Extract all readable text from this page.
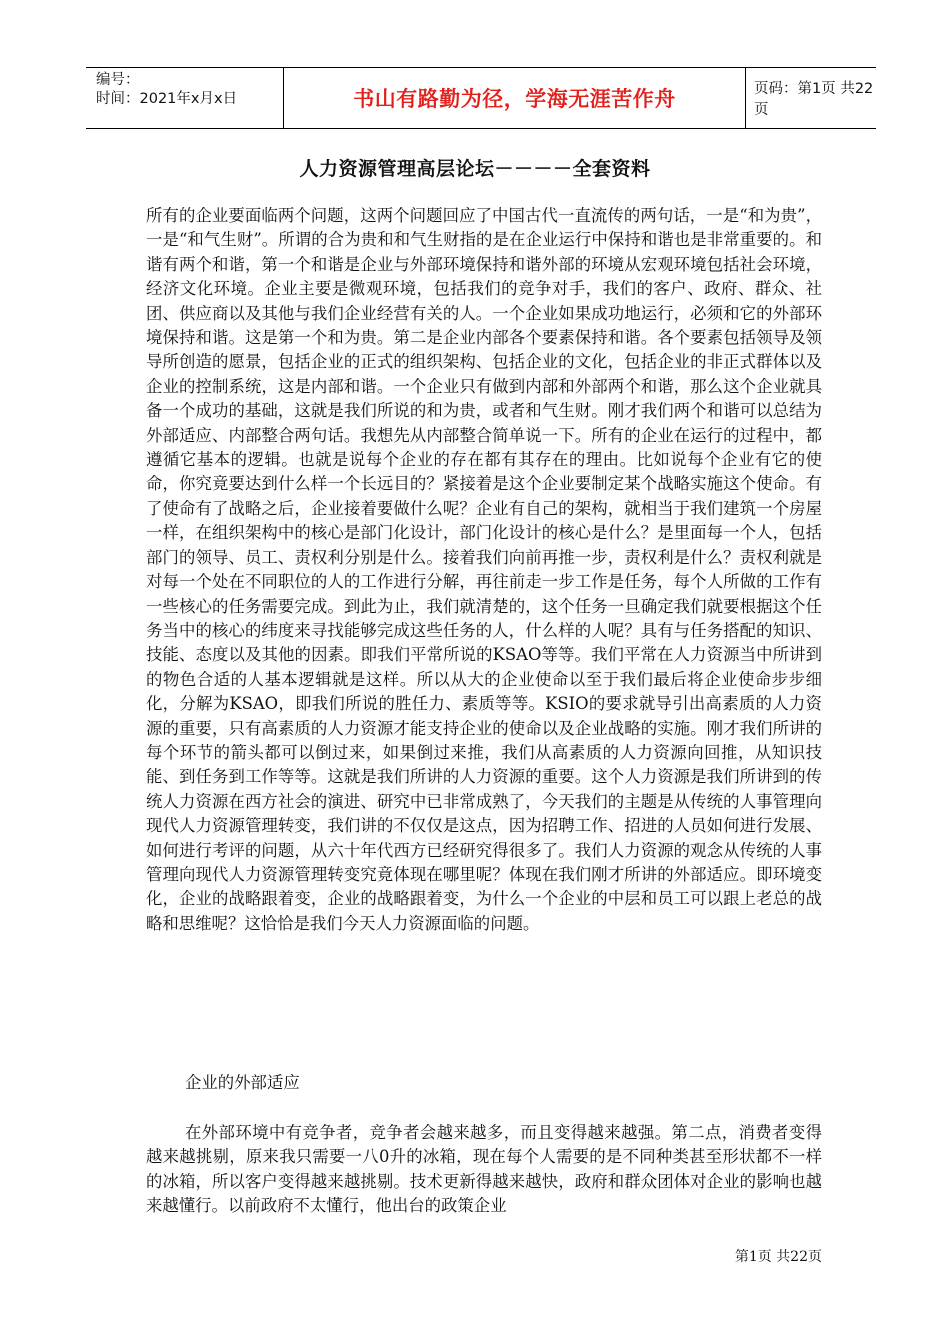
编号：
时间：2021年x月x日	书山有路勤为径，学海无涯苦作舟	页码：第1页 共22页
人力资源管理高层论坛－－－－全套资料

所有的企业要面临两个问题，这两个问题回应了中国古代一直流传的两句话，一是“和为贵”，一是“和气生财”。所谓的合为贵和和气生财指的是在企业运行中保持和谐也是非常重要的。和谐有两个和谐，第一个和谐是企业与外部环境保持和谐外部的环境从宏观环境包括社会环境，经济文化环境。企业主要是微观环境，包括我们的竞争对手，我们的客户、政府、群众、社团、供应商以及其他与我们企业经营有关的人。一个企业如果成功地运行，必须和它的外部环境保持和谐。这是第一个和为贵。第二是企业内部各个要素保持和谐。各个要素包括领导及领导所创造的愿景，包括企业的正式的组织架构、包括企业的文化，包括企业的非正式群体以及企业的控制系统，这是内部和谐。一个企业只有做到内部和外部两个和谐，那么这个企业就具备一个成功的基础，这就是我们所说的和为贵，或者和气生财。刚才我们两个和谐可以总结为外部适应、内部整合两句话。我想先从内部整合简单说一下。所有的企业在运行的过程中，都遵循它基本的逻辑。也就是说每个企业的存在都有其存在的理由。比如说每个企业有它的使命，你究竟要达到什么样一个长远目的？紧接着是这个企业要制定某个战略实施这个使命。有了使命有了战略之后，企业接着要做什么呢？企业有自己的架构，就相当于我们建筑一个房屋一样，在组织架构中的核心是部门化设计，部门化设计的核心是什么？是里面每一个人，包括部门的领导、员工、责权利分别是什么。接着我们向前再推一步，责权利是什么？责权利就是对每一个处在不同职位的人的工作进行分解，再往前走一步工作是任务，每个人所做的工作有一些核心的任务需要完成。到此为止，我们就清楚的，这个任务一旦确定我们就要根据这个任务当中的核心的纬度来寻找能够完成这些任务的人，什么样的人呢？具有与任务搭配的知识、技能、态度以及其他的因素。即我们平常所说的KSAO等等。我们平常在人力资源当中所讲到的物色合适的人基本逻辑就是这样。所以从大的企业使命以至于我们最后将企业使命步步细化，分解为KSAO，即我们所说的胜任力、素质等等。KSIO的要求就导引出高素质的人力资源的重要，只有高素质的人力资源才能支持企业的使命以及企业战略的实施。刚才我们所讲的每个环节的箭头都可以倒过来，如果倒过来推，我们从高素质的人力资源向回推，从知识技能、到任务到工作等等。这就是我们所讲的人力资源的重要。这个人力资源是我们所讲到的传统人力资源在西方社会的演进、研究中已非常成熟了，今天我们的主题是从传统的人事管理向现代人力资源管理转变，我们讲的不仅仅是这点，因为招聘工作、招进的人员如何进行发展、如何进行考评的问题，从六十年代西方已经研究得很多了。我们人力资源的观念从传统的人事管理向现代人力资源管理转变究竟体现在哪里呢？体现在我们刚才所讲的外部适应。即环境变化，企业的战略跟着变，企业的战略跟着变，为什么一个企业的中层和员工可以跟上老总的战略和思维呢？这恰恰是我们今天人力资源面临的问题。

企业的外部适应

在外部环境中有竞争者，竞争者会越来越多，而且变得越来越强。第二点，消费者变得越来越挑剔，原来我只需要一八0升的冰箱，现在每个人需要的是不同种类甚至形状都不一样的冰箱，所以客户变得越来越挑剔。技术更新得越来越快，政府和群众团体对企业的影响也越来越懂行。以前政府不太懂行，他出台的政策企业

第1页 共22页
